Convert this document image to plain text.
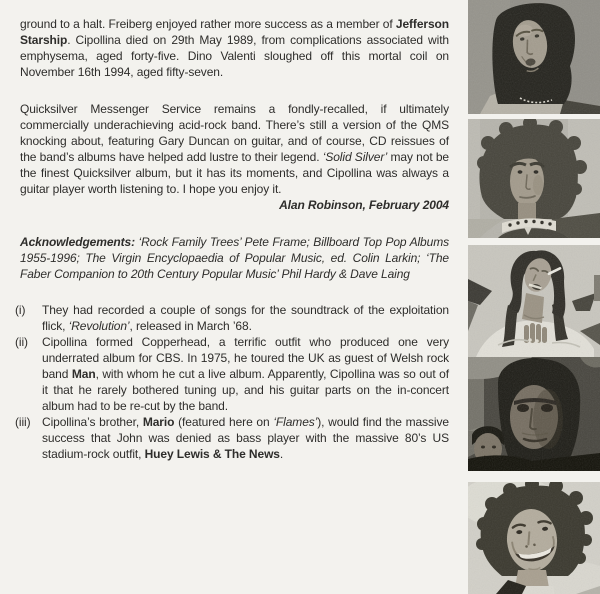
ground to a halt. Freiberg enjoyed rather more success as a member of Jefferson Starship. Cipollina died on 29th May 1989, from complications associated with emphysema, aged forty-five. Dino Valenti sloughed off this mortal coil on November 16th 1994, aged fifty-seven.

Quicksilver Messenger Service remains a fondly-recalled, if ultimately commercially underachieving acid-rock band. There’s still a version of the QMS knocking about, featuring Gary Duncan on guitar, and of course, CD reissues of the band’s albums have helped add lustre to their legend. ‘Solid Silver’ may not be the finest Quicksilver album, but it has its moments, and Cipollina was always a guitar player worth listening to. I hope you enjoy it.

Alan Robinson, February 2004

Acknowledgements: ‘Rock Family Trees’ Pete Frame; Billboard Top Pop Albums 1955-1996; The Virgin Encyclopaedia of Popular Music, ed. Colin Larkin; ‘The Faber Companion to 20th Century Popular Music’ Phil Hardy & Dave Laing

(i)	They had recorded a couple of songs for the soundtrack of the exploitation flick, ‘Revolution’, released in March ’68.
(ii)	Cipollina formed Copperhead, a terrific outfit who produced one very underrated album for CBS. In 1975, he toured the UK as guest of Welsh rock band Man, with whom he cut a live album. Apparently, Cipollina was so out of it that he rarely bothered tuning up, and his guitar parts on the in-concert album had to be re-cut by the band.
(iii) Cipollina’s brother, Mario (featured here on ‘Flames’), would find the massive success that John was denied as bass player with the massive 80’s US stadium-rock outfit, Huey Lewis & The News.
